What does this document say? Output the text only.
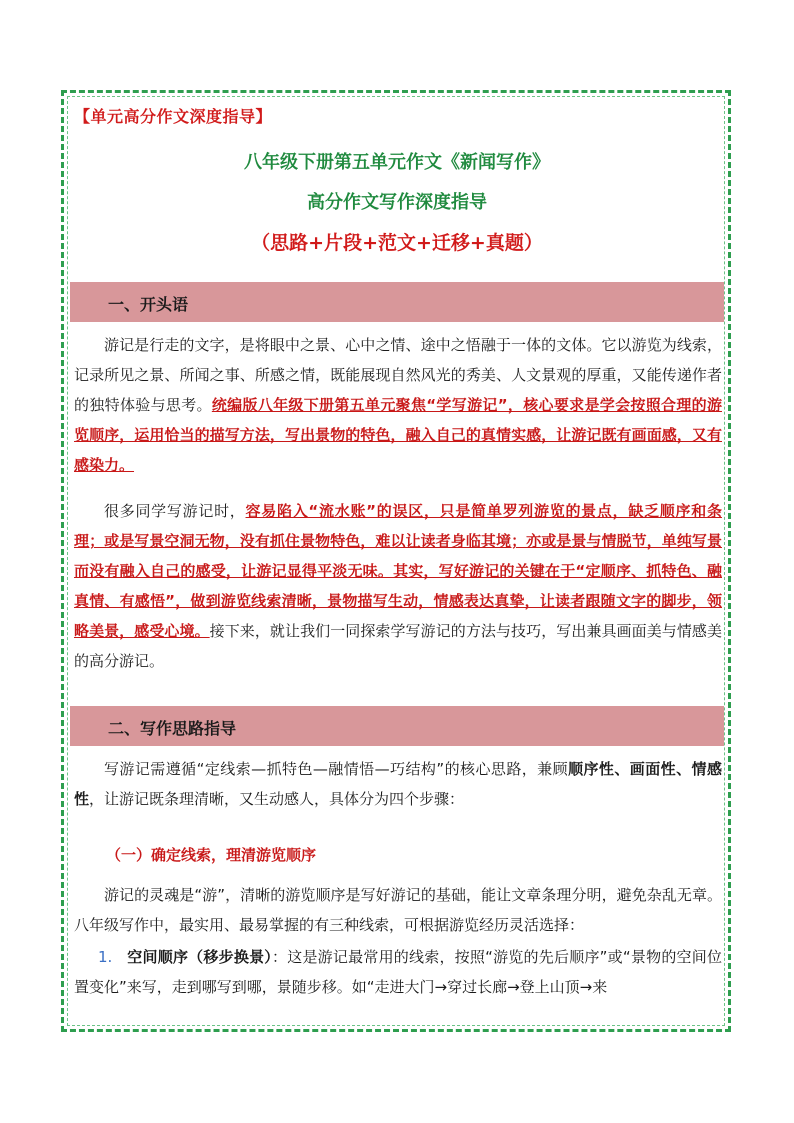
【单元高分作文深度指导】
八年级下册第五单元作文《新闻写作》
高分作文写作深度指导
（思路+片段+范文+迁移+真题）
一、开头语
游记是行走的文字，是将眼中之景、心中之情、途中之悟融于一体的文体。它以游览为线索，记录所见之景、所闻之事、所感之情，既能展现自然风光的秀美、人文景观的厚重，又能传递作者的独特体验与思考。统编版八年级下册第五单元聚焦“学写游记”，核心要求是学会按照合理的游览顺序，运用恰当的描写方法，写出景物的特色，融入自己的真情实感，让游记既有画面感，又有感染力。
很多同学写游记时，容易陷入“流水账”的误区，只是简单罗列游览的景点，缺乏顺序和条理；或是写景空洞无物，没有抓住景物特色，难以让读者身临其境；亦或是景与情脱节，单纯写景而没有融入自己的感受，让游记显得平淡无味。其实，写好游记的关键在于“定顺序、抓特色、融真情、有感悟”，做到游览线索清晰，景物描写生动，情感表达真挚，让读者跟随文字的脚步，领略美景，感受心境。接下来，就让我们一同探索学写游记的方法与技巧，写出兼具画面美与情感美的高分游记。
二、写作思路指导
写游记需遵循“定线索—抓特色—融情悟—巧结构”的核心思路，兼顾顺序性、画面性、情感性，让游记既条理清晰，又生动感人，具体分为四个步骤：
（一）确定线索，理清游览顺序
游记的灵魂是“游”，清晰的游览顺序是写好游记的基础，能让文章条理分明，避免杂乱无章。八年级写作中，最实用、最易掌握的有三种线索，可根据游览经历灵活选择：
1. 空间顺序（移步换景）：这是游记最常用的线索，按照“游览的先后顺序”或“景物的空间位置变化”来写，走到哪写到哪，景随步移。如“走进大门→穿过长廊→登上山顶→来
